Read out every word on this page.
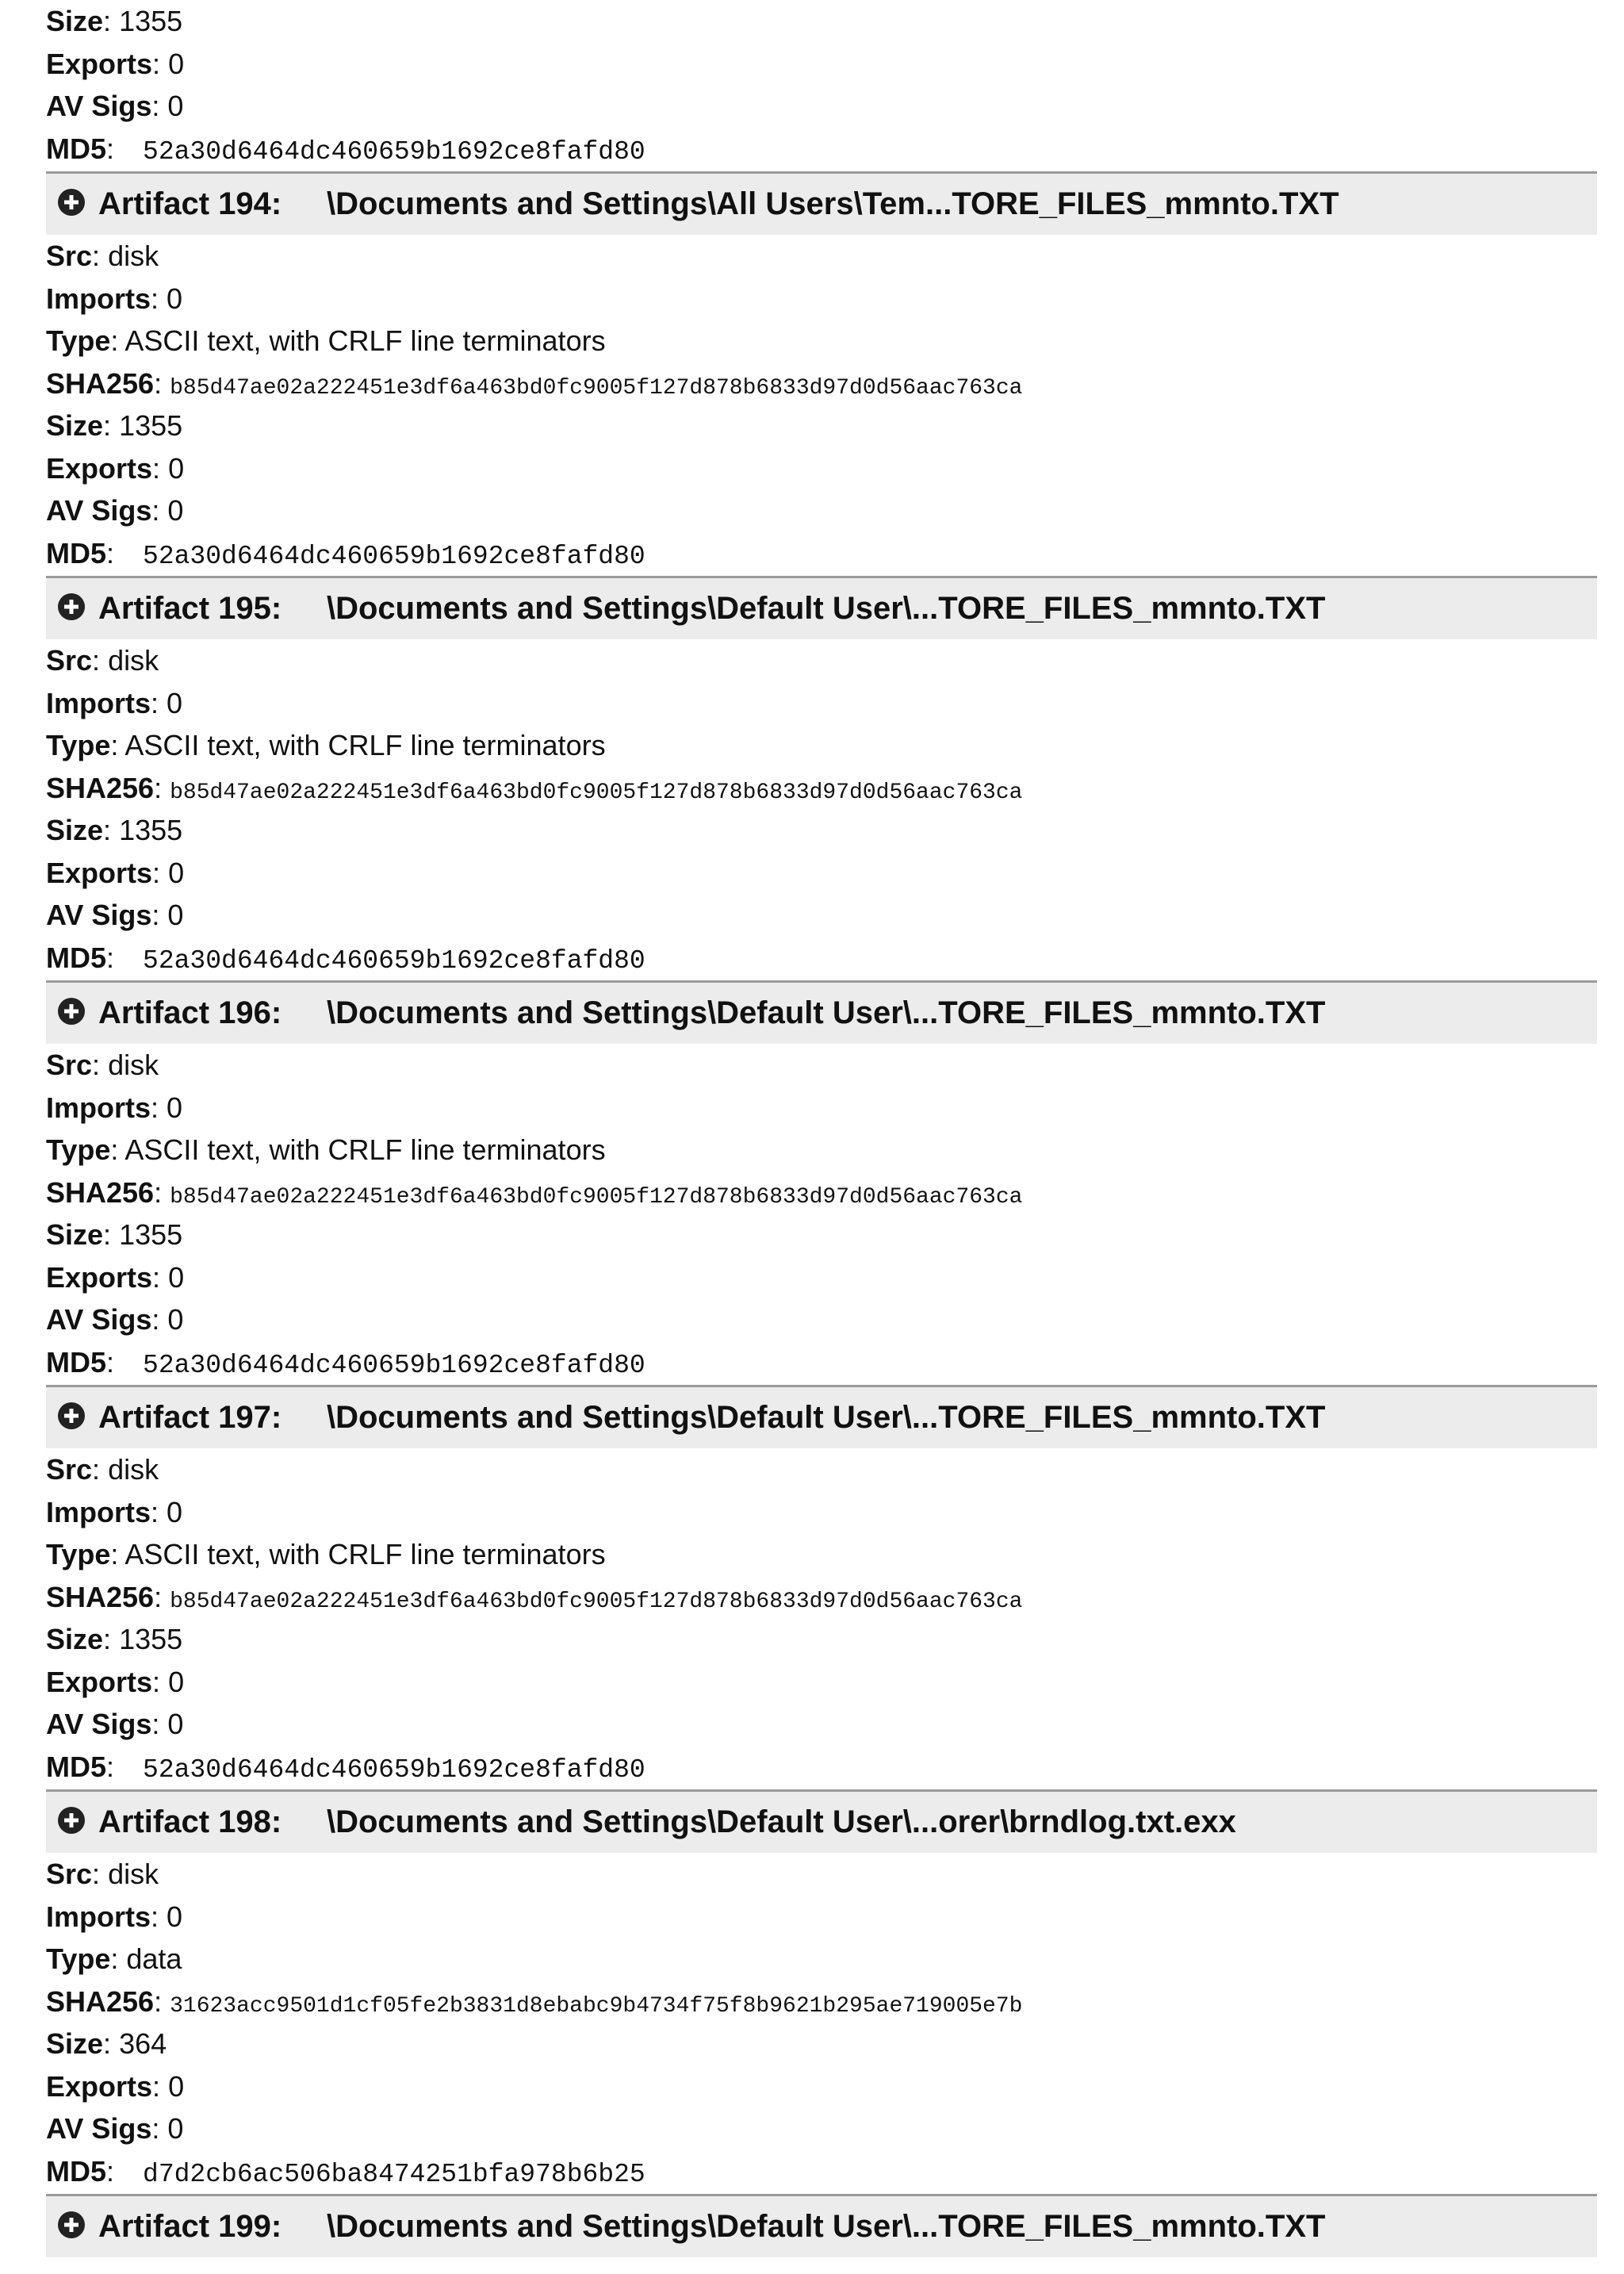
Size: 1355
Exports: 0
AV Sigs: 0
MD5: 52a30d6464dc460659b1692ce8fafd80
Artifact 194:	\Documents and Settings\All Users\Tem...TORE_FILES_mmnto.TXT
Src: disk
Imports: 0
Type: ASCII text, with CRLF line terminators
SHA256: b85d47ae02a222451e3df6a463bd0fc9005f127d878b6833d97d0d56aac763ca
Size: 1355
Exports: 0
AV Sigs: 0
MD5: 52a30d6464dc460659b1692ce8fafd80
Artifact 195:	\Documents and Settings\Default User\...TORE_FILES_mmnto.TXT
Src: disk
Imports: 0
Type: ASCII text, with CRLF line terminators
SHA256: b85d47ae02a222451e3df6a463bd0fc9005f127d878b6833d97d0d56aac763ca
Size: 1355
Exports: 0
AV Sigs: 0
MD5: 52a30d6464dc460659b1692ce8fafd80
Artifact 196:	\Documents and Settings\Default User\...TORE_FILES_mmnto.TXT
Src: disk
Imports: 0
Type: ASCII text, with CRLF line terminators
SHA256: b85d47ae02a222451e3df6a463bd0fc9005f127d878b6833d97d0d56aac763ca
Size: 1355
Exports: 0
AV Sigs: 0
MD5: 52a30d6464dc460659b1692ce8fafd80
Artifact 197:	\Documents and Settings\Default User\...TORE_FILES_mmnto.TXT
Src: disk
Imports: 0
Type: ASCII text, with CRLF line terminators
SHA256: b85d47ae02a222451e3df6a463bd0fc9005f127d878b6833d97d0d56aac763ca
Size: 1355
Exports: 0
AV Sigs: 0
MD5: 52a30d6464dc460659b1692ce8fafd80
Artifact 198:	\Documents and Settings\Default User\...orer\brndlog.txt.exx
Src: disk
Imports: 0
Type: data
SHA256: 31623acc9501d1cf05fe2b3831d8ebabc9b4734f75f8b9621b295ae719005e7b
Size: 364
Exports: 0
AV Sigs: 0
MD5: d7d2cb6ac506ba8474251bfa978b6b25
Artifact 199:	\Documents and Settings\Default User\...TORE_FILES_mmnto.TXT
